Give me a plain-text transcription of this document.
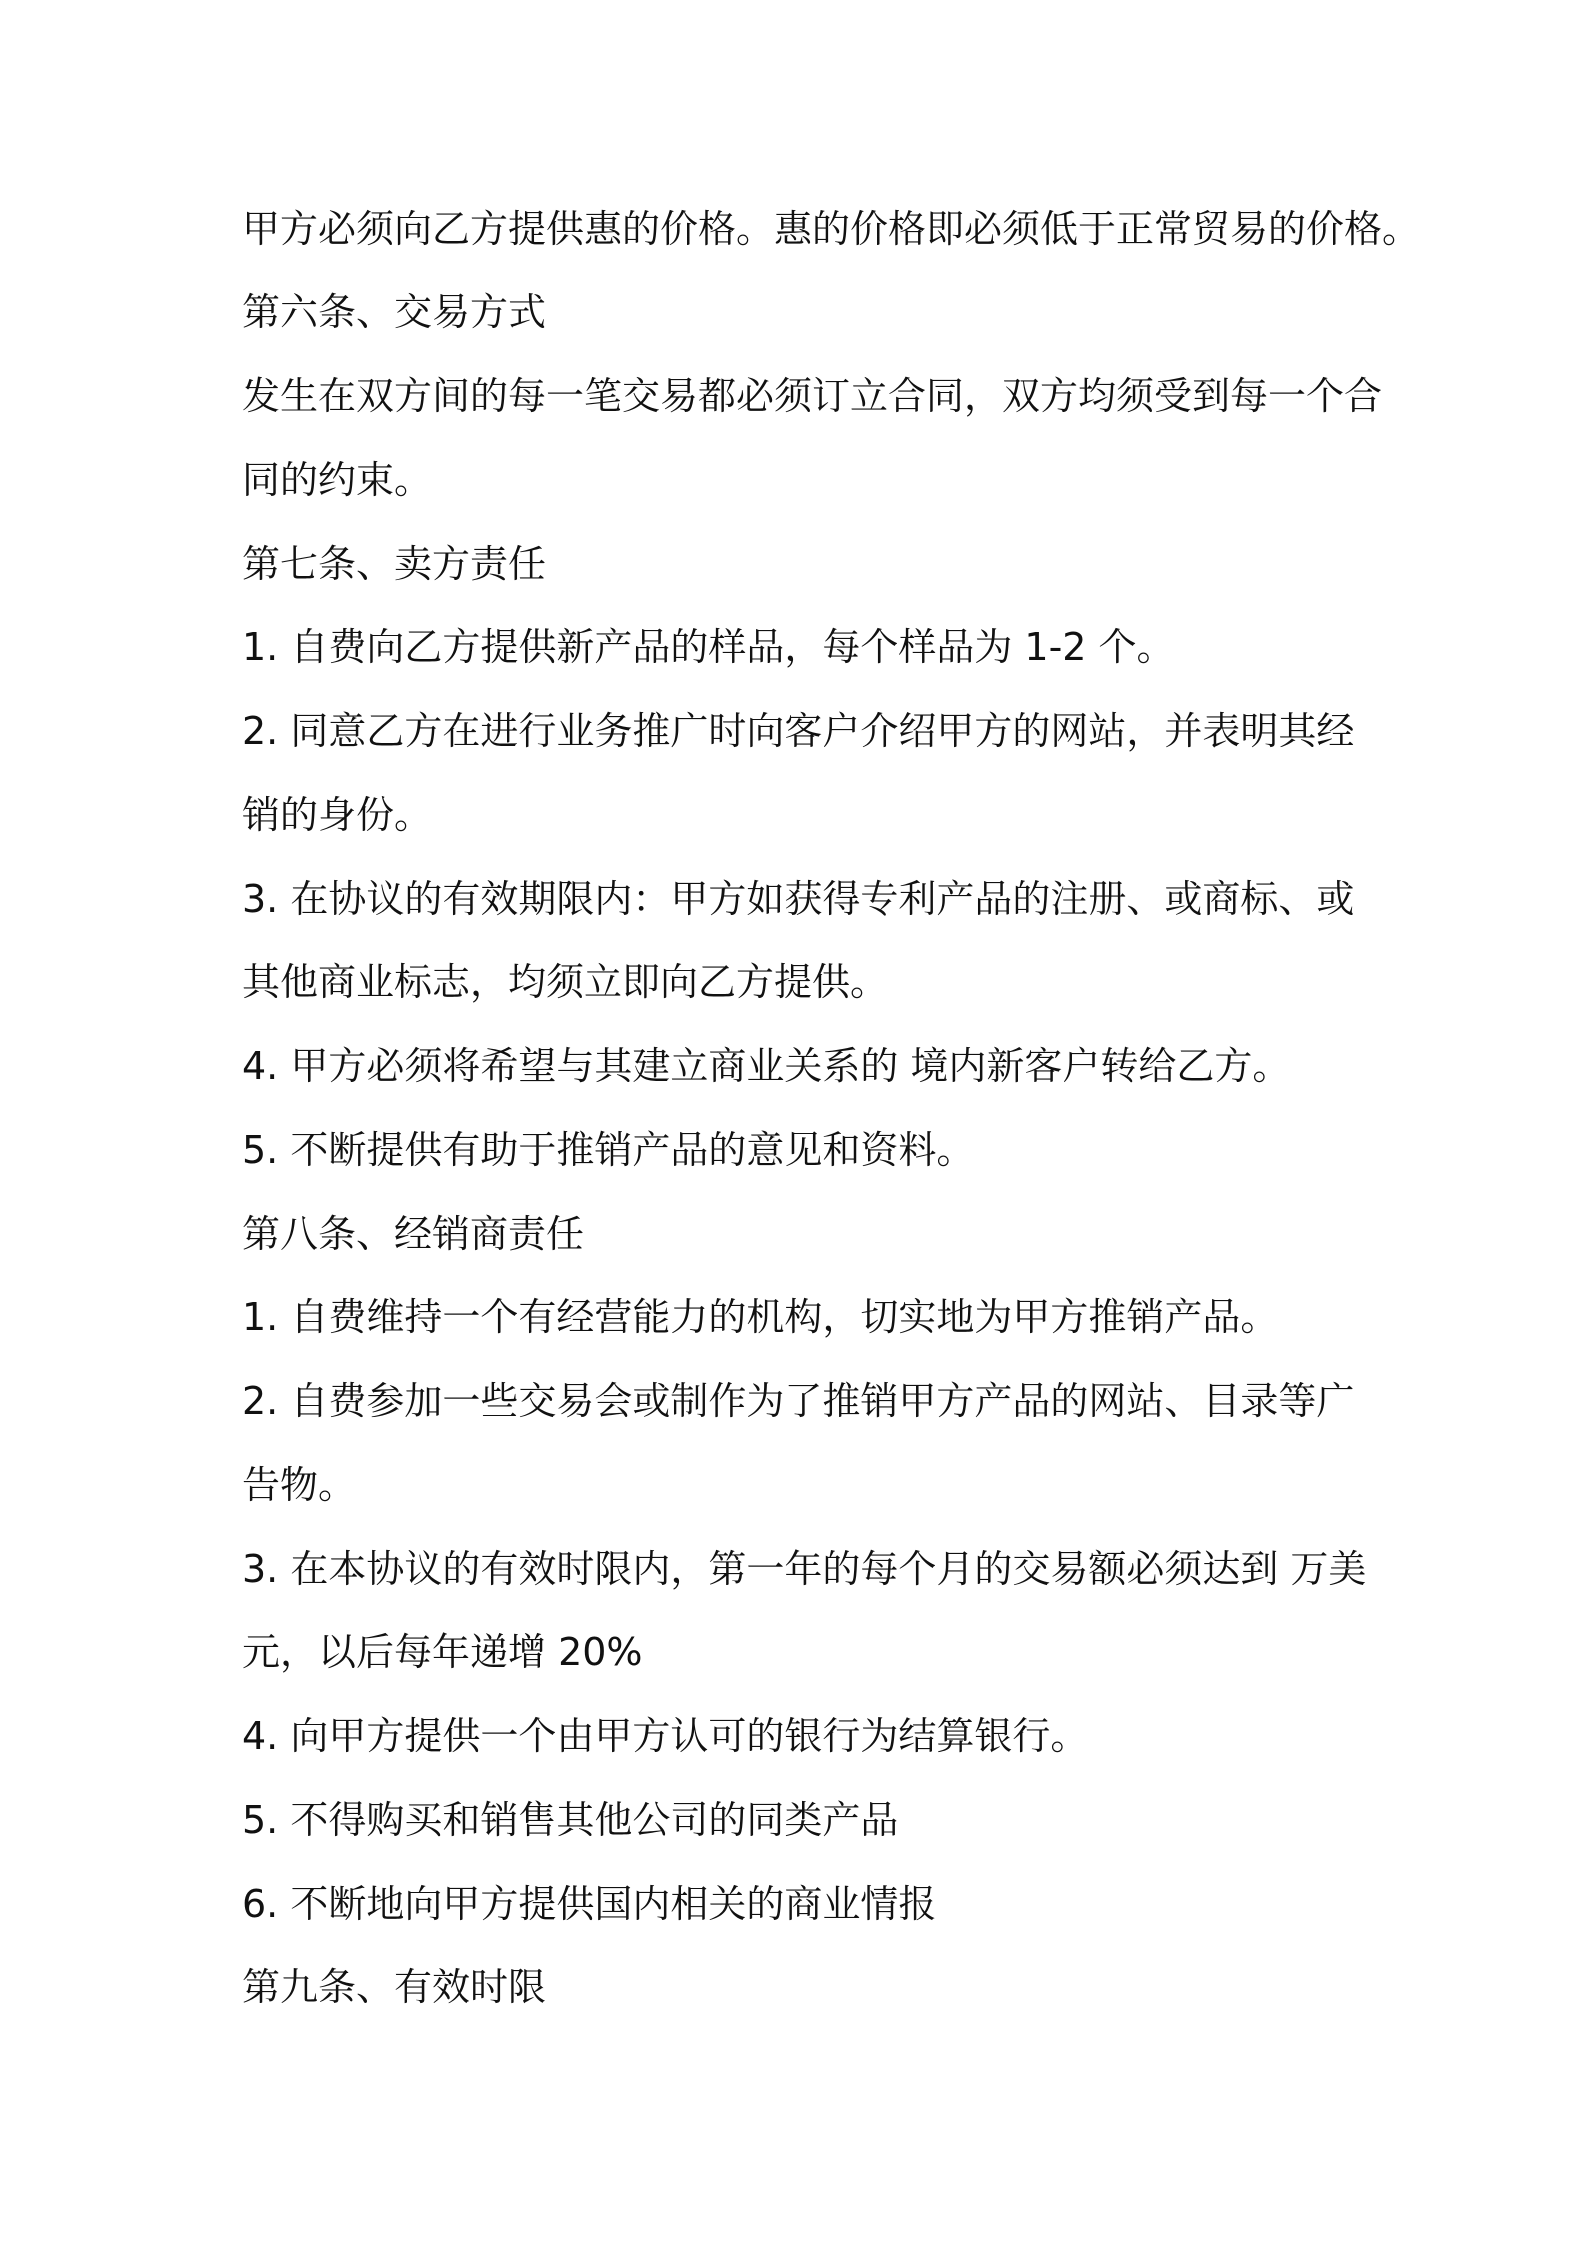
甲方必须向乙方提供惠的价格。惠的价格即必须低于正常贸易的价格。
第六条、交易方式
发生在双方间的每一笔交易都必须订立合同，双方均须受到每一个合
同的约束。
第七条、卖方责任
1. 自费向乙方提供新产品的样品，每个样品为 1-2 个。
2. 同意乙方在进行业务推广时向客户介绍甲方的网站，并表明其经
销的身份。
3. 在协议的有效期限内：甲方如获得专利产品的注册、或商标、或
其他商业标志，均须立即向乙方提供。
4. 甲方必须将希望与其建立商业关系的 境内新客户转给乙方。
5. 不断提供有助于推销产品的意见和资料。
第八条、经销商责任
1. 自费维持一个有经营能力的机构，切实地为甲方推销产品。
2. 自费参加一些交易会或制作为了推销甲方产品的网站、目录等广
告物。
3. 在本协议的有效时限内，第一年的每个月的交易额必须达到 万美
元，以后每年递增 20%
4. 向甲方提供一个由甲方认可的银行为结算银行。
5. 不得购买和销售其他公司的同类产品
6. 不断地向甲方提供国内相关的商业情报
第九条、有效时限
